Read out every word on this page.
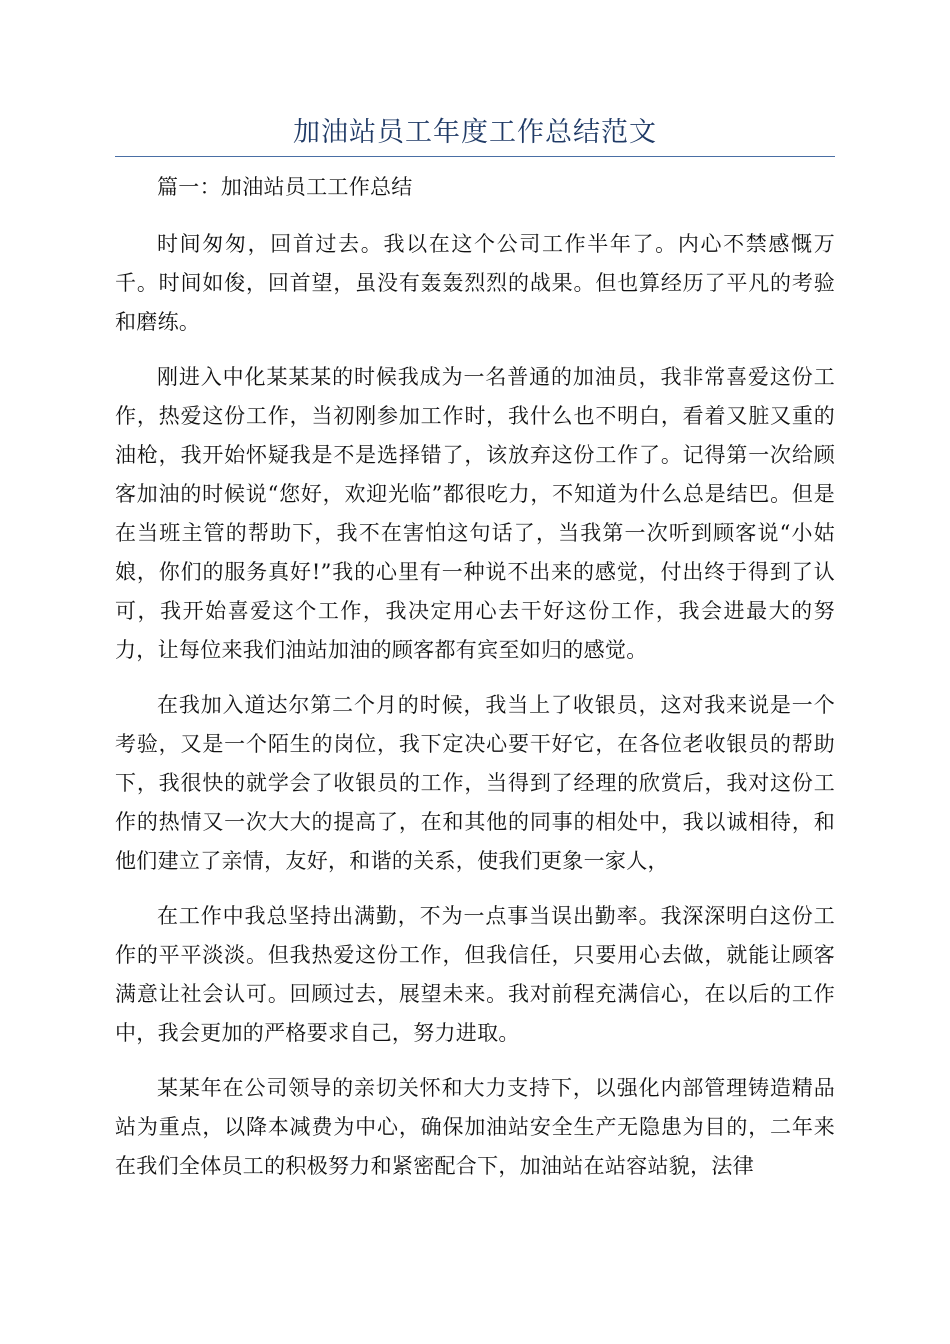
加油站员工年度工作总结范文

篇一：加油站员工工作总结

时间匆匆，回首过去。我以在这个公司工作半年了。内心不禁感慨万千。时间如俊，回首望，虽没有轰轰烈烈的战果。但也算经历了平凡的考验和磨练。

刚进入中化某某某的时候我成为一名普通的加油员，我非常喜爱这份工作，热爱这份工作，当初刚参加工作时，我什么也不明白，看着又脏又重的油枪，我开始怀疑我是不是选择错了，该放弃这份工作了。记得第一次给顾客加油的时候说“您好，欢迎光临”都很吃力，不知道为什么总是结巴。但是在当班主管的帮助下，我不在害怕这句话了，当我第一次听到顾客说“小姑娘，你们的服务真好!”我的心里有一种说不出来的感觉，付出终于得到了认可，我开始喜爱这个工作，我决定用心去干好这份工作，我会进最大的努力，让每位来我们油站加油的顾客都有宾至如归的感觉。

在我加入道达尔第二个月的时候，我当上了收银员，这对我来说是一个考验，又是一个陌生的岗位，我下定决心要干好它，在各位老收银员的帮助下，我很快的就学会了收银员的工作，当得到了经理的欣赏后，我对这份工作的热情又一次大大的提高了，在和其他的同事的相处中，我以诚相待，和他们建立了亲情，友好，和谐的关系，使我们更象一家人，

在工作中我总坚持出满勤，不为一点事当误出勤率。我深深明白这份工作的平平淡淡。但我热爱这份工作，但我信任，只要用心去做，就能让顾客满意让社会认可。回顾过去，展望未来。我对前程充满信心，在以后的工作中，我会更加的严格要求自己，努力进取。

某某年在公司领导的亲切关怀和大力支持下，以强化内部管理铸造精品站为重点，以降本减费为中心，确保加油站安全生产无隐患为目的，二年来在我们全体员工的积极努力和紧密配合下，加油站在站容站貌，法律
